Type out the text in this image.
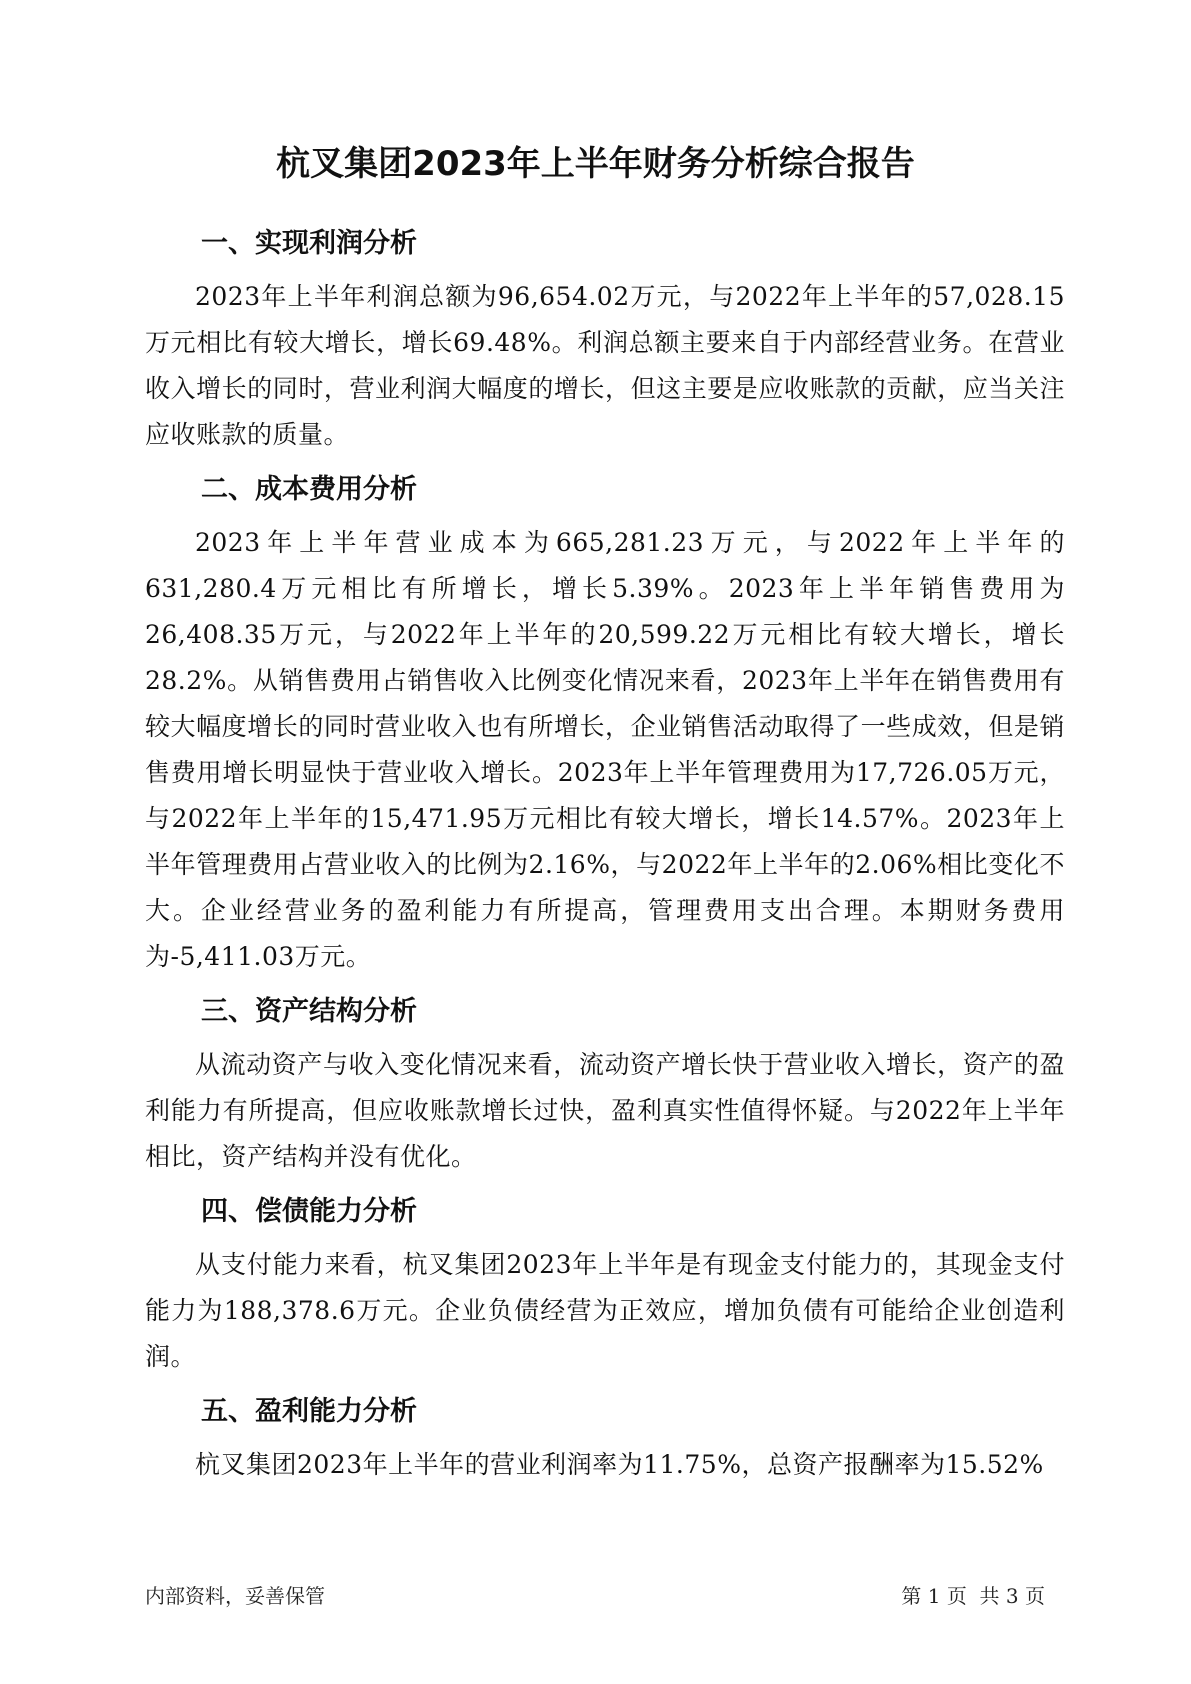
杭叉集团2023年上半年财务分析综合报告
一、实现利润分析

2023年上半年利润总额为96,654.02万元，与2022年上半年的57,028.15万元相比有较大增长，增长69.48%。利润总额主要来自于内部经营业务。在营业收入增长的同时，营业利润大幅度的增长，但这主要是应收账款的贡献，应当关注应收账款的质量。

二、成本费用分析

2023年上半年营业成本为665,281.23万元，与2022年上半年的631,280.4万元相比有所增长，增长5.39%。2023年上半年销售费用为26,408.35万元，与2022年上半年的20,599.22万元相比有较大增长，增长28.2%。从销售费用占销售收入比例变化情况来看，2023年上半年在销售费用有较大幅度增长的同时营业收入也有所增长，企业销售活动取得了一些成效，但是销售费用增长明显快于营业收入增长。2023年上半年管理费用为17,726.05万元，与2022年上半年的15,471.95万元相比有较大增长，增长14.57%。2023年上半年管理费用占营业收入的比例为2.16%，与2022年上半年的2.06%相比变化不大。企业经营业务的盈利能力有所提高，管理费用支出合理。本期财务费用为-5,411.03万元。

三、资产结构分析

从流动资产与收入变化情况来看，流动资产增长快于营业收入增长，资产的盈利能力有所提高，但应收账款增长过快，盈利真实性值得怀疑。与2022年上半年相比，资产结构并没有优化。

四、偿债能力分析

从支付能力来看，杭叉集团2023年上半年是有现金支付能力的，其现金支付能力为188,378.6万元。企业负债经营为正效应，增加负债有可能给企业创造利润。

五、盈利能力分析

杭叉集团2023年上半年的营业利润率为11.75%，总资产报酬率为15.52%

内部资料，妥善保管	第 1 页  共 3 页
